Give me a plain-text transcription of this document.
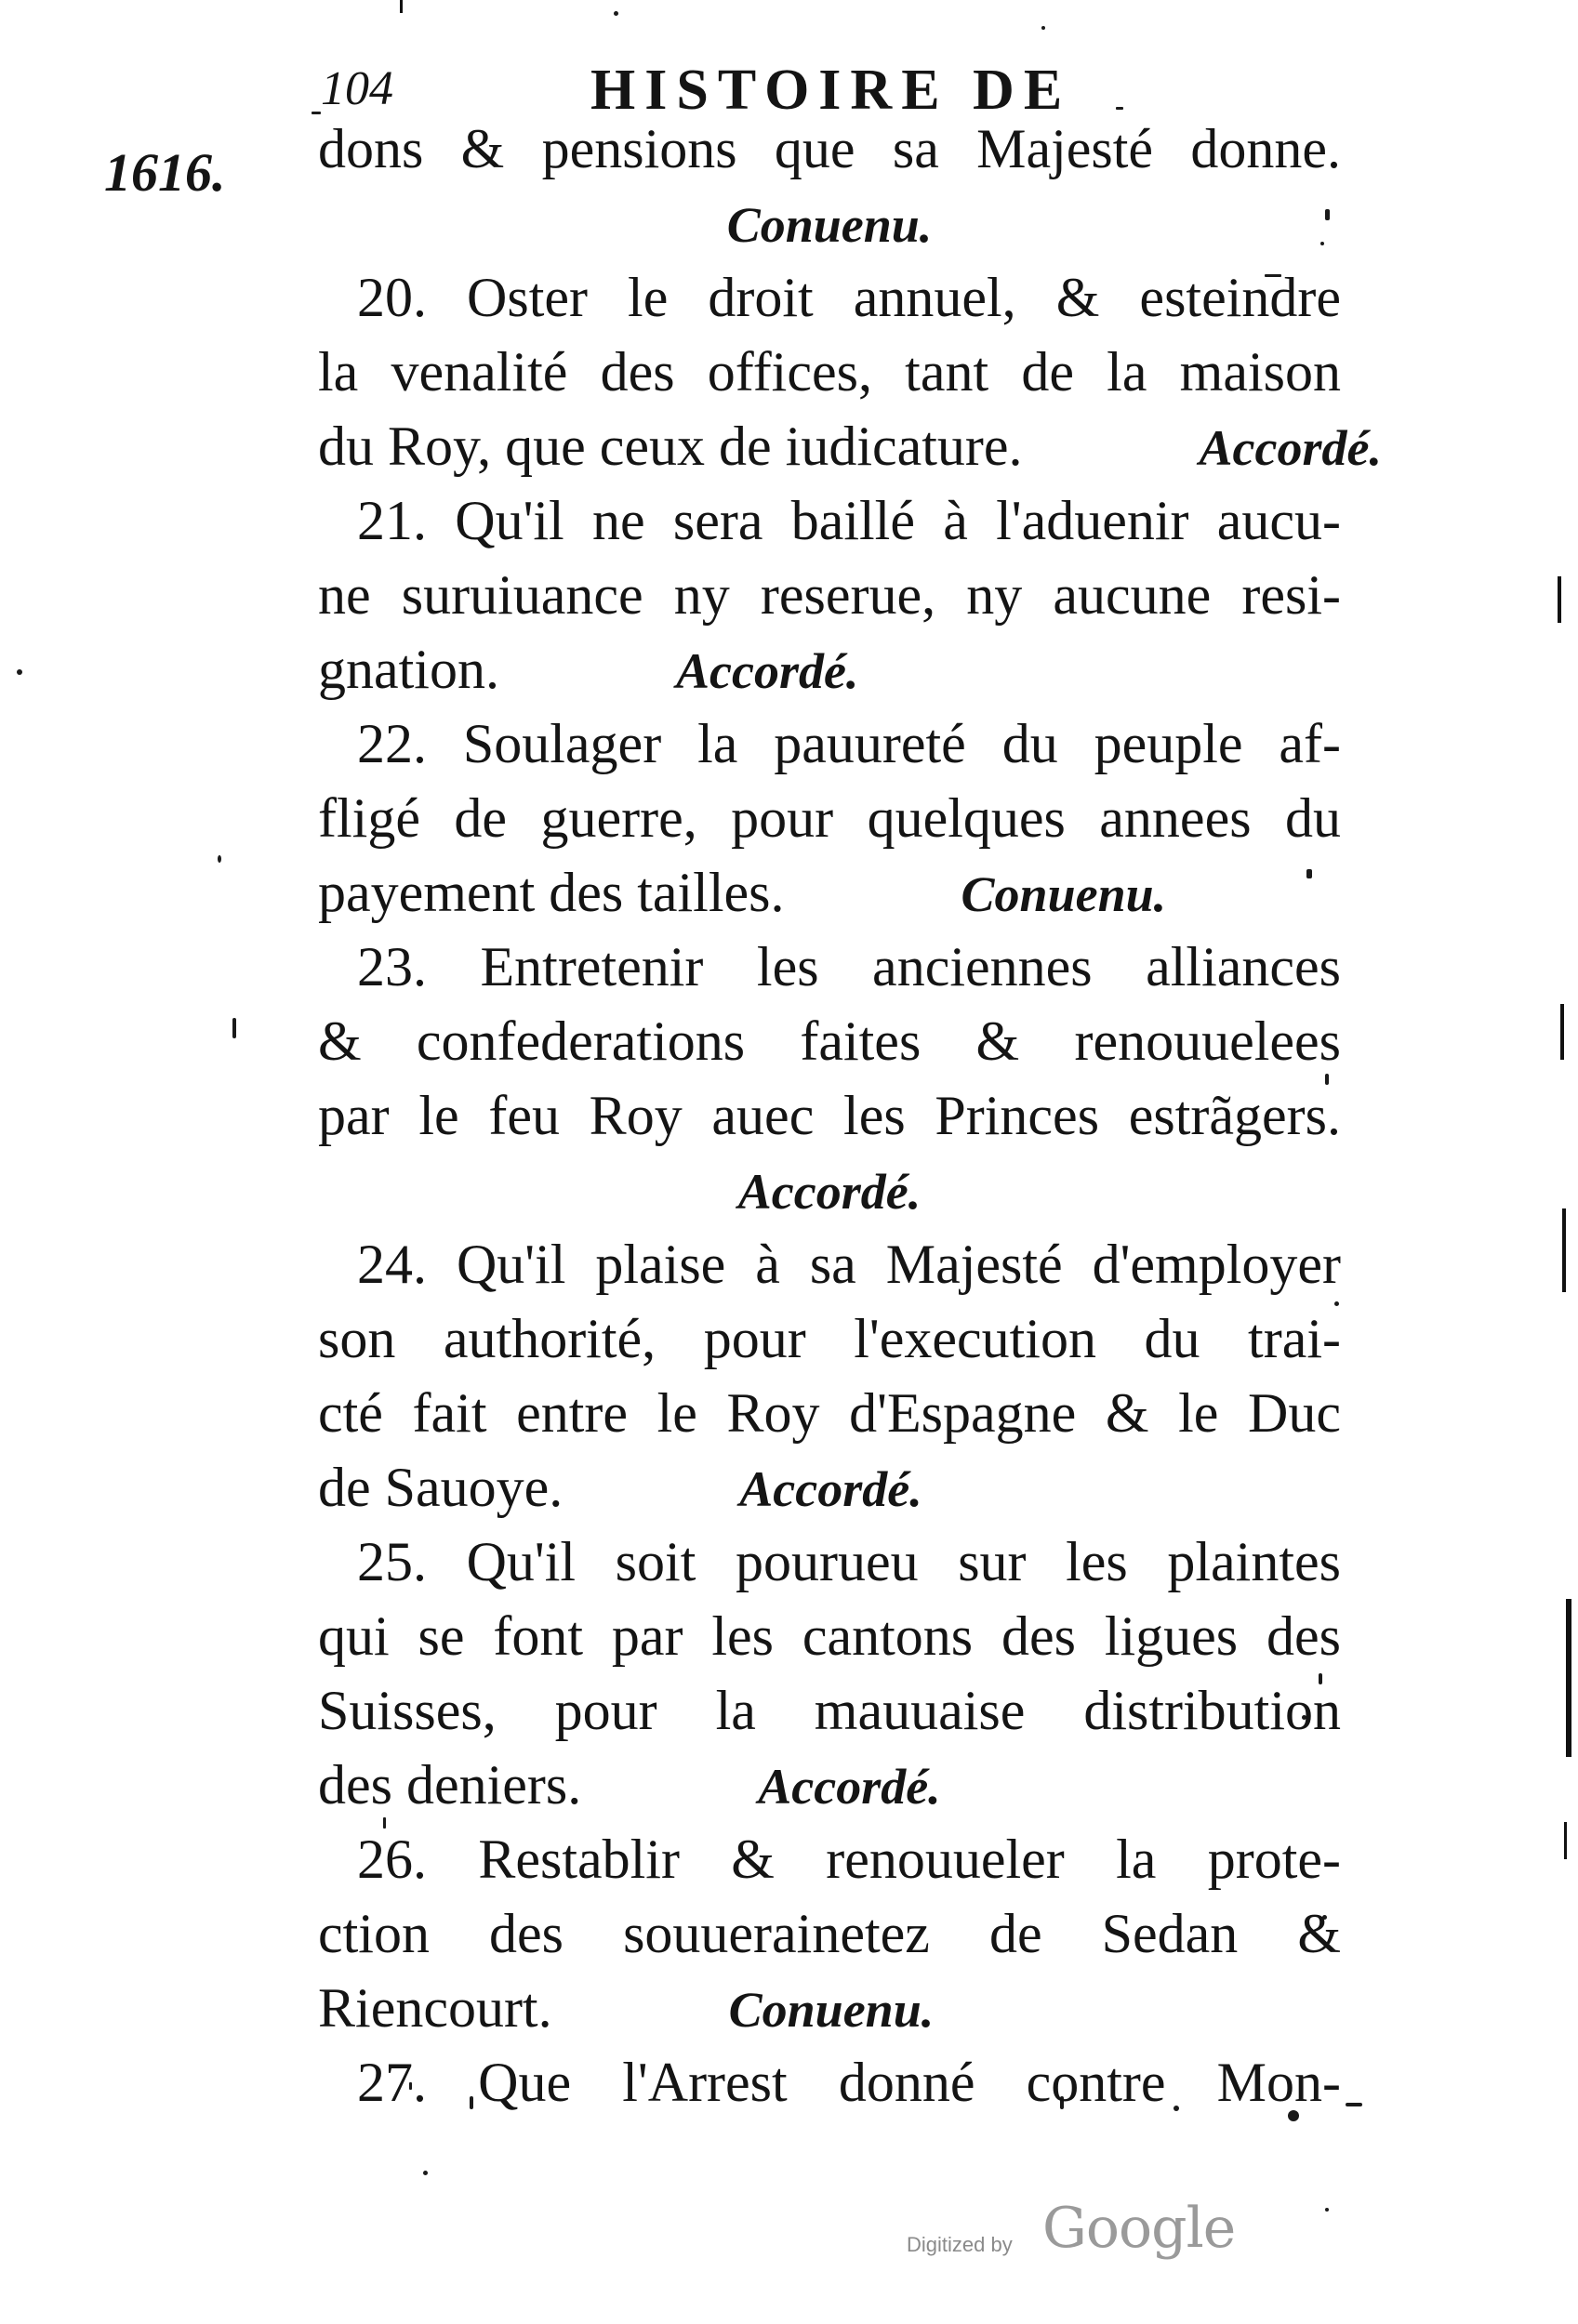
104	HISTOIRE DE
1616. dons & pensions que sa Majesté donne.
Conuenu.
20. Oster le droit annuel, & esteindre
la venalité des offices, tant de la maison
du Roy, que ceux de iudicature.	Accordé.
21. Qu'il ne sera baillé à l'aduenir aucu-
ne suruiuance ny reserue, ny aucune resi-
gnation.	Accordé.
22. Soulager la pauureté du peuple af-
fligé de guerre, pour quelques annees du
payement des tailles.	Conuenu.
23. Entretenir les anciennes alliances
& confederations faites & renouuelees
par le feu Roy auec les Princes estrãgers.
Accordé.
24. Qu'il plaise à sa Majesté d'employer
son authorité, pour l'execution du trai-
cté fait entre le Roy d'Espagne & le Duc
de Sauoye.	Accordé.
25. Qu'il soit pourueu sur les plaintes
qui se font par les cantons des ligues des
Suisses, pour la mauuaise distribution
des deniers.	Accordé.
26. Restablir & renouueler la prote-
ction des souuerainetez de Sedan &
Riencourt.	Conuenu.
27. Que l'Arrest donné contre Mon-
Digitized by Google
